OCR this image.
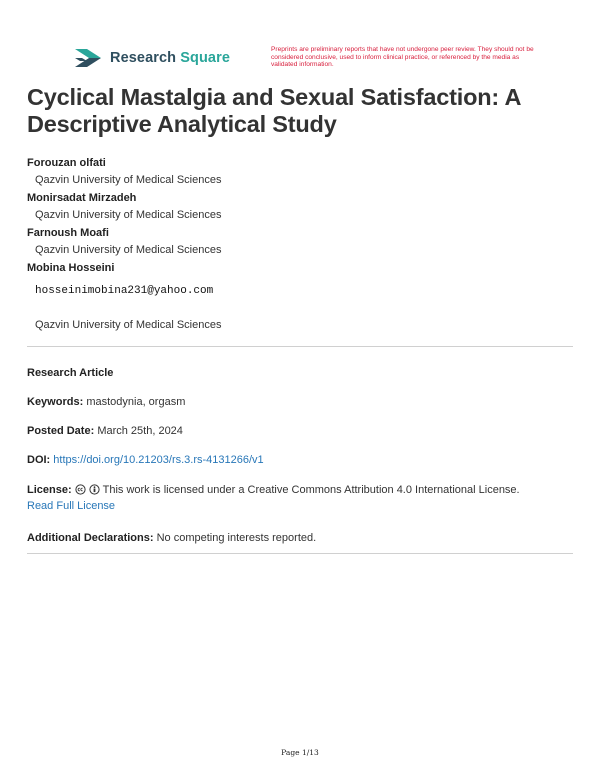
Research Square
Preprints are preliminary reports that have not undergone peer review. They should not be considered conclusive, used to inform clinical practice, or referenced by the media as validated information.
Cyclical Mastalgia and Sexual Satisfaction: A Descriptive Analytical Study
Forouzan olfati
Qazvin University of Medical Sciences
Monirsadat Mirzadeh
Qazvin University of Medical Sciences
Farnoush Moafi
Qazvin University of Medical Sciences
Mobina Hosseini
hosseinimobina231@yahoo.com
Qazvin University of Medical Sciences
Research Article
Keywords: mastodynia, orgasm
Posted Date: March 25th, 2024
DOI: https://doi.org/10.21203/rs.3.rs-4131266/v1
License:	This work is licensed under a Creative Commons Attribution 4.0 International License.
Read Full License
Additional Declarations: No competing interests reported.
Page 1/13
